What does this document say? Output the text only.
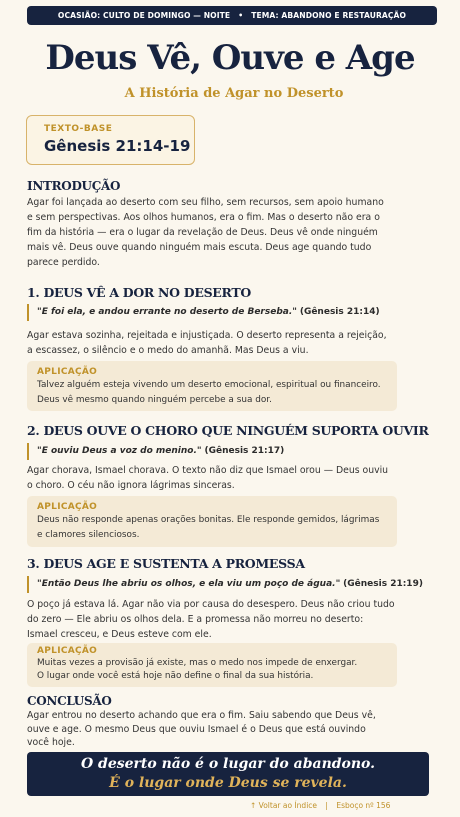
OCASIÃO: CULTO DE DOMINGO — NOITE • TEMA: ABANDONO E RESTAURAÇÃO
Deus Vê, Ouve e Age
A História de Agar no Deserto
TEXTO-BASE
Gênesis 21:14-19
INTRODUÇÃO
Agar foi lançada ao deserto com seu filho, sem recursos, sem apoio humano
e sem perspectivas. Aos olhos humanos, era o fim. Mas o deserto não era o
fim da história — era o lugar da revelação de Deus. Deus vê onde ninguém
mais vê. Deus ouve quando ninguém mais escuta. Deus age quando tudo
parece perdido.
1. DEUS VÊ A DOR NO DESERTO
"E foi ela, e andou errante no deserto de Berseba." (Gênesis 21:14)
Agar estava sozinha, rejeitada e injustiçada. O deserto representa a rejeição,
a escassez, o silêncio e o medo do amanhã. Mas Deus a viu.
APLICAÇÃO
Talvez alguém esteja vivendo um deserto emocional, espiritual ou financeiro.
Deus vê mesmo quando ninguém percebe a sua dor.
2. DEUS OUVE O CHORO QUE NINGUÉM SUPORTA OUVIR
"E ouviu Deus a voz do menino." (Gênesis 21:17)
Agar chorava, Ismael chorava. O texto não diz que Ismael orou — Deus ouviu
o choro. O céu não ignora lágrimas sinceras.
APLICAÇÃO
Deus não responde apenas orações bonitas. Ele responde gemidos, lágrimas
e clamores silenciosos.
3. DEUS AGE E SUSTENTA A PROMESSA
"Então Deus lhe abriu os olhos, e ela viu um poço de água." (Gênesis 21:19)
O poço já estava lá. Agar não via por causa do desespero. Deus não criou tudo
do zero — Ele abriu os olhos dela. E a promessa não morreu no deserto:
Ismael cresceu, e Deus esteve com ele.
APLICAÇÃO
Muitas vezes a provisão já existe, mas o medo nos impede de enxergar.
O lugar onde você está hoje não define o final da sua história.
CONCLUSÃO
Agar entrou no deserto achando que era o fim. Saiu sabendo que Deus vê,
ouve e age. O mesmo Deus que ouviu Ismael é o Deus que está ouvindo
você hoje.
O deserto não é o lugar do abandono.
É o lugar onde Deus se revela.
↑ Voltar ao Índice | Esboço nº 156
